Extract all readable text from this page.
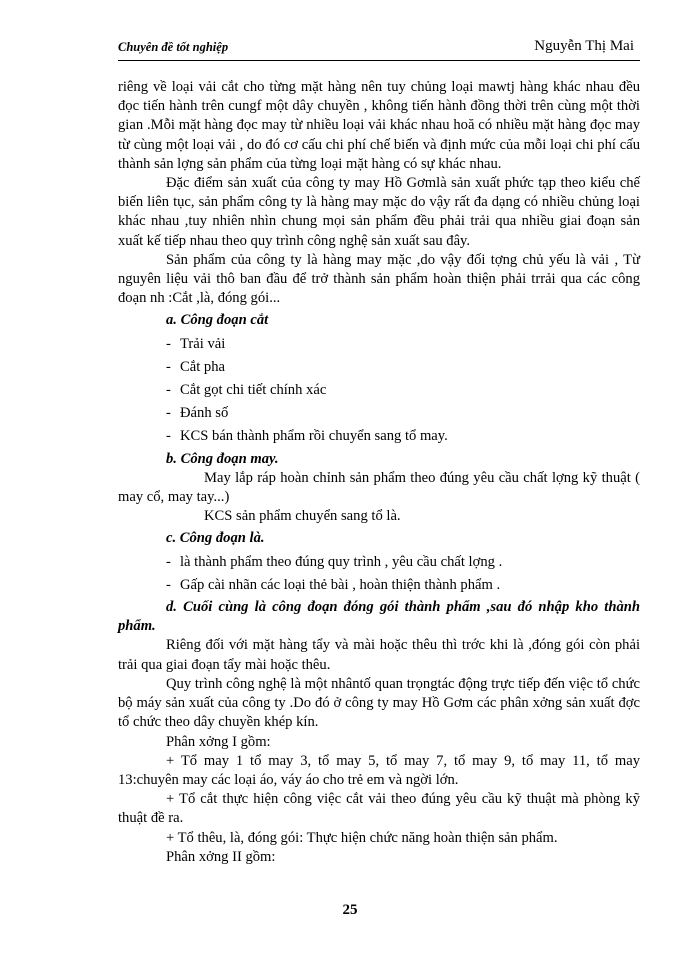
Chuyên đề tốt nghiệp	Nguyễn Thị Mai

riêng về loại vải cắt cho từng mặt hàng nên tuy chủng loại mawtj hàng khác nhau đều đọc tiến hành trên cungf một dây chuyền , không tiến hành đồng thời trên cùng một thời gian .Mỗi mặt hàng đọc may từ nhiều loại vải khác nhau hoă có nhiều mặt hàng đọc may từ cùng một loại vải , do đó cơ cấu chi phí chế biến và định mức của mỗi loại chi phí cấu thành sản lợng sản phẩm của từng loại mặt hàng có sự khác nhau.

Đặc điểm sản xuất của công ty may Hồ Gơmlà sản xuất phức tạp theo kiểu chế biến liên tục, sản phẩm công ty là hàng may mặc do vậy rất đa dạng có nhiều chủng loại khác nhau ,tuy nhiên nhìn chung mọi sản phẩm đều phải trải qua nhiều giai đoạn sản xuất kế tiếp nhau theo quy trình công nghệ sản xuất sau đây.

Sản phẩm của công ty là hàng may mặc ,do vậy đối tợng chủ yếu là vải , Từ nguyên liệu vải thô ban đầu để trở thành sản phẩm hoàn thiện phải trrải qua các công đoạn nh :Cắt ,là, đóng gói...

a. Công đoạn cắt

- Trải vải

- Cắt pha

- Cắt gọt chi tiết chính xác

- Đánh số

- KCS bán thành phẩm rồi chuyển sang tổ may.

b. Công đoạn may.

May lắp ráp hoàn chỉnh sản phẩm theo đúng yêu cầu chất lợng kỹ thuật ( may cổ, may tay...)

KCS sản phẩm chuyển sang tổ là.

c. Công đoạn là.

- là thành phẩm theo đúng quy trình , yêu cầu chất lợng .

- Gấp cài nhãn các loại thẻ bài , hoàn thiện thành phẩm .

d. Cuối cùng là công đoạn đóng gói thành phẩm ,sau đó nhập kho thành phẩm.

Riêng đối với mặt hàng tẩy và mài hoặc thêu thì trớc khi là ,đóng gói còn phải trải qua giai đoạn tẩy mài hoặc thêu.

Quy trình công nghệ là một nhântố quan trọngtác động trực tiếp đến việc tổ chức bộ máy sản xuất của công ty .Do đó ở công ty may Hồ Gơm các phân xởng sản xuất đợc tổ chức theo dây chuyền khép kín.

Phân xởng I gồm:

+ Tổ may 1 tổ may 3, tổ may 5, tổ may 7, tổ may 9, tổ may 11, tổ may 13:chuyên may các loại áo, váy áo cho trẻ em và ngời lớn.

+ Tổ cắt thực hiện công việc cắt vải theo đúng yêu cầu kỹ thuật mà phòng kỹ thuật đề ra.

+ Tổ thêu, là, đóng gói: Thực hiện chức năng hoàn thiện sản phẩm.

Phân xởng II gồm:

25
